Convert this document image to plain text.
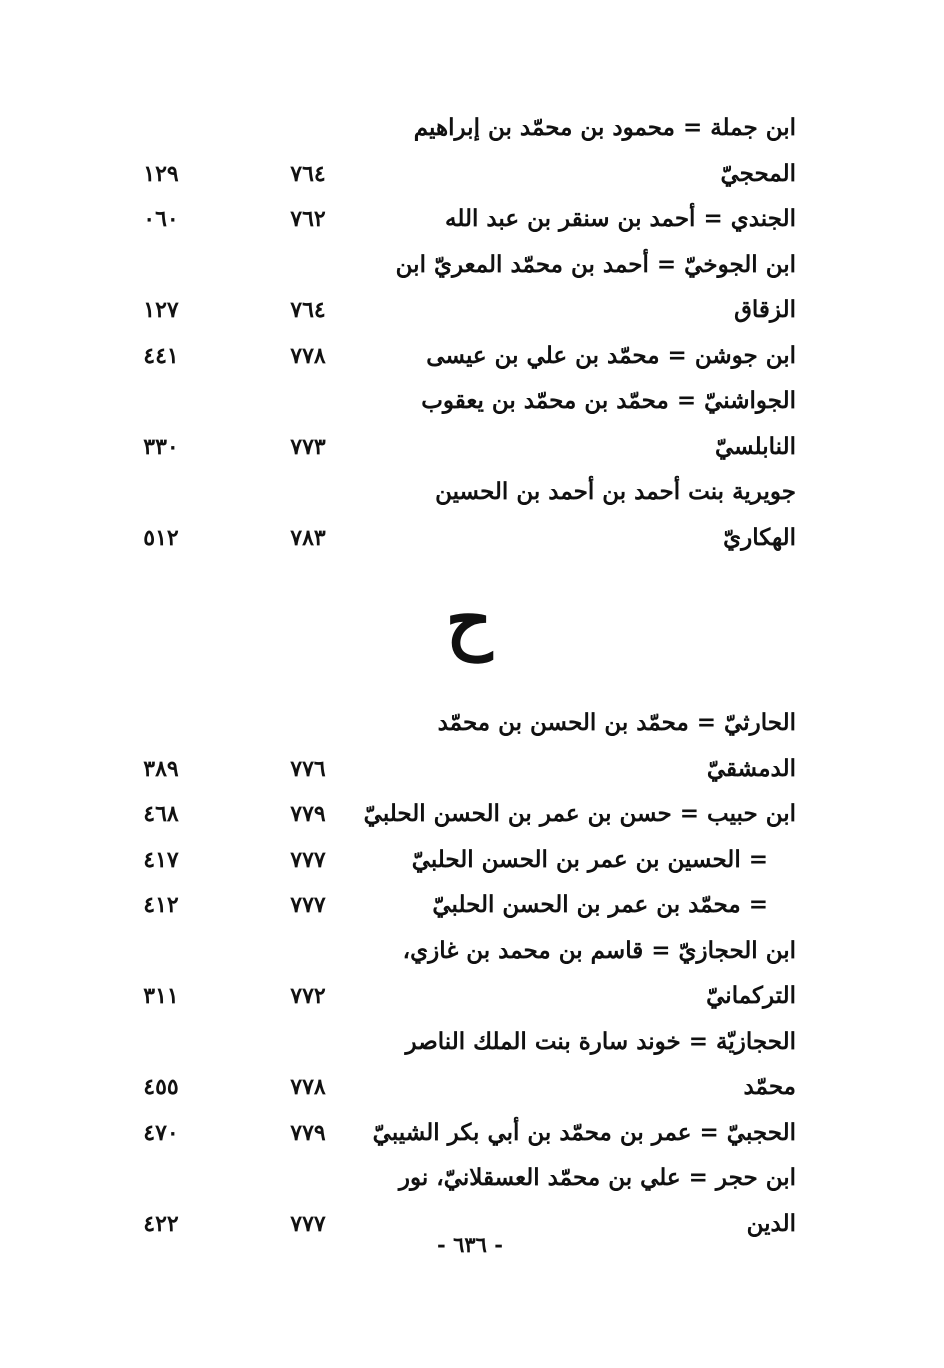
ابن جملة = محمود بن محمّد بن إبراهيم
المحجيّ
٧٦٤
١٢٩
الجندي = أحمد بن سنقر بن عبد الله
٧٦٢
٠٦٠
ابن الجوخيّ = أحمد بن محمّد المعريّ ابن
الزقاق
٧٦٤
١٢٧
ابن جوشن = محمّد بن علي بن عيسى
٧٧٨
٤٤١
الجواشنيّ = محمّد بن محمّد بن يعقوب
النابلسيّ
٧٧٣
٣٣٠
جويرية بنت أحمد بن أحمد بن الحسين
الهكاريّ
٧٨٣
٥١٢
ح
الحارثيّ = محمّد بن الحسن بن محمّد
الدمشقيّ
٧٧٦
٣٨٩
ابن حبيب = حسن بن عمر بن الحسن الحلبيّ
٧٧٩
٤٦٨
= الحسين بن عمر بن الحسن الحلبيّ
٧٧٧
٤١٧
= محمّد بن عمر بن الحسن الحلبيّ
٧٧٧
٤١٢
ابن الحجازيّ = قاسم بن محمد بن غازي،
التركمانيّ
٧٧٢
٣١١
الحجازيّة = خوند سارة بنت الملك الناصر
محمّد
٧٧٨
٤٥٥
الحجبيّ = عمر بن محمّد بن أبي بكر الشيبيّ
٧٧٩
٤٧٠
ابن حجر = علي بن محمّد العسقلانيّ، نور
الدين
٧٧٧
٤٢٢
- ٦٣٦ -
